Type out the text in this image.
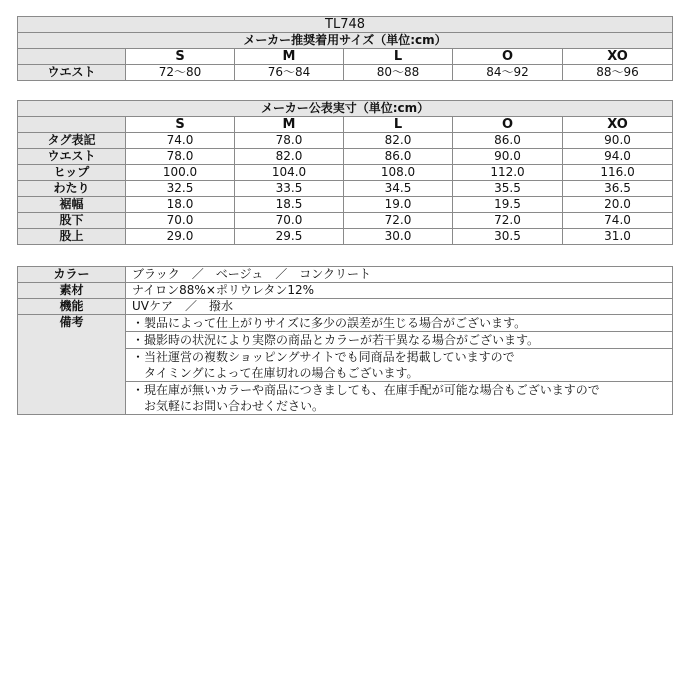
TL748					
メーカー推奨着用サイズ（単位:cm）					
	S	M	L	O	XO
ウエスト	72～80	76～84	80～88	84～92	88～96
メーカー公表実寸（単位:cm）					
	S	M	L	O	XO
タグ表記	74.0	78.0	82.0	86.0	90.0
ウエスト	78.0	82.0	86.0	90.0	94.0
ヒップ	100.0	104.0	108.0	112.0	116.0
わたり	32.5	33.5	34.5	35.5	36.5
裾幅	18.0	18.5	19.0	19.5	20.0
股下	70.0	70.0	72.0	72.0	74.0
股上	29.0	29.5	30.0	30.5	31.0
カラー	ブラック　／　ベージュ　／　コンクリート
素材	ナイロン88%×ポリウレタン12%
機能	UVケア　／　撥水
備考	・製品によって仕上がりサイズに多少の誤差が生じる場合がございます。

	・撮影時の状況により実際の商品とカラーが若干異なる場合がございます。

	・当社運営の複数ショッピングサイトでも同商品を掲載していますので
　タイミングによって在庫切れの場合もございます。

	・現在庫が無いカラーや商品につきましても、在庫手配が可能な場合もございますので
　お気軽にお問い合わせください。
